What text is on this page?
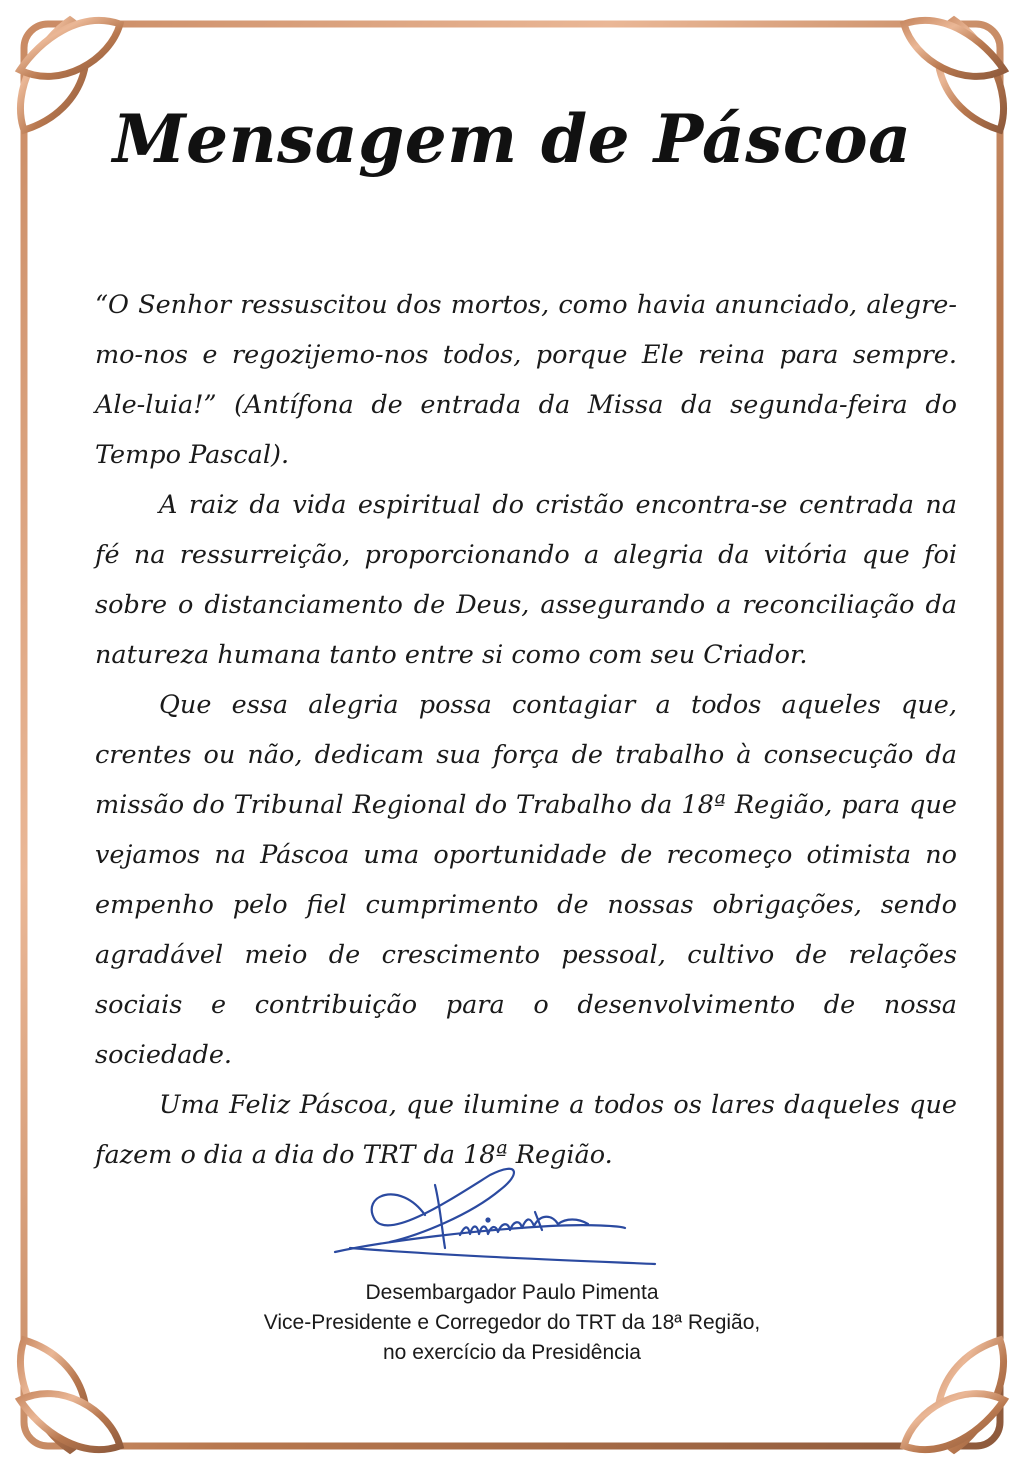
Mensagem de Páscoa

“O Senhor ressuscitou dos mortos, como havia anunciado, alegre-mo-nos e regozijemo-nos todos, porque Ele reina para sempre. Ale-luia!” (Antífona de entrada da Missa da segunda-feira do Tempo Pascal).

A raiz da vida espiritual do cristão encontra-se centrada na fé na ressurreição, proporcionando a alegria da vitória que foi sobre o distanciamento de Deus, assegurando a reconciliação da natureza humana tanto entre si como com seu Criador.

Que essa alegria possa contagiar a todos aqueles que, crentes ou não, dedicam sua força de trabalho à consecução da missão do Tribunal Regional do Trabalho da 18ª Região, para que vejamos na Páscoa uma oportunidade de recomeço otimista no empenho pelo fiel cumprimento de nossas obrigações, sendo agradável meio de crescimento pessoal, cultivo de relações sociais e contribuição para o desenvolvimento de nossa sociedade.

Uma Feliz Páscoa, que ilumine a todos os lares daqueles que fazem o dia a dia do TRT da 18ª Região.

Desembargador Paulo Pimenta
Vice-Presidente e Corregedor do TRT da 18ª Região,
no exercício da Presidência
